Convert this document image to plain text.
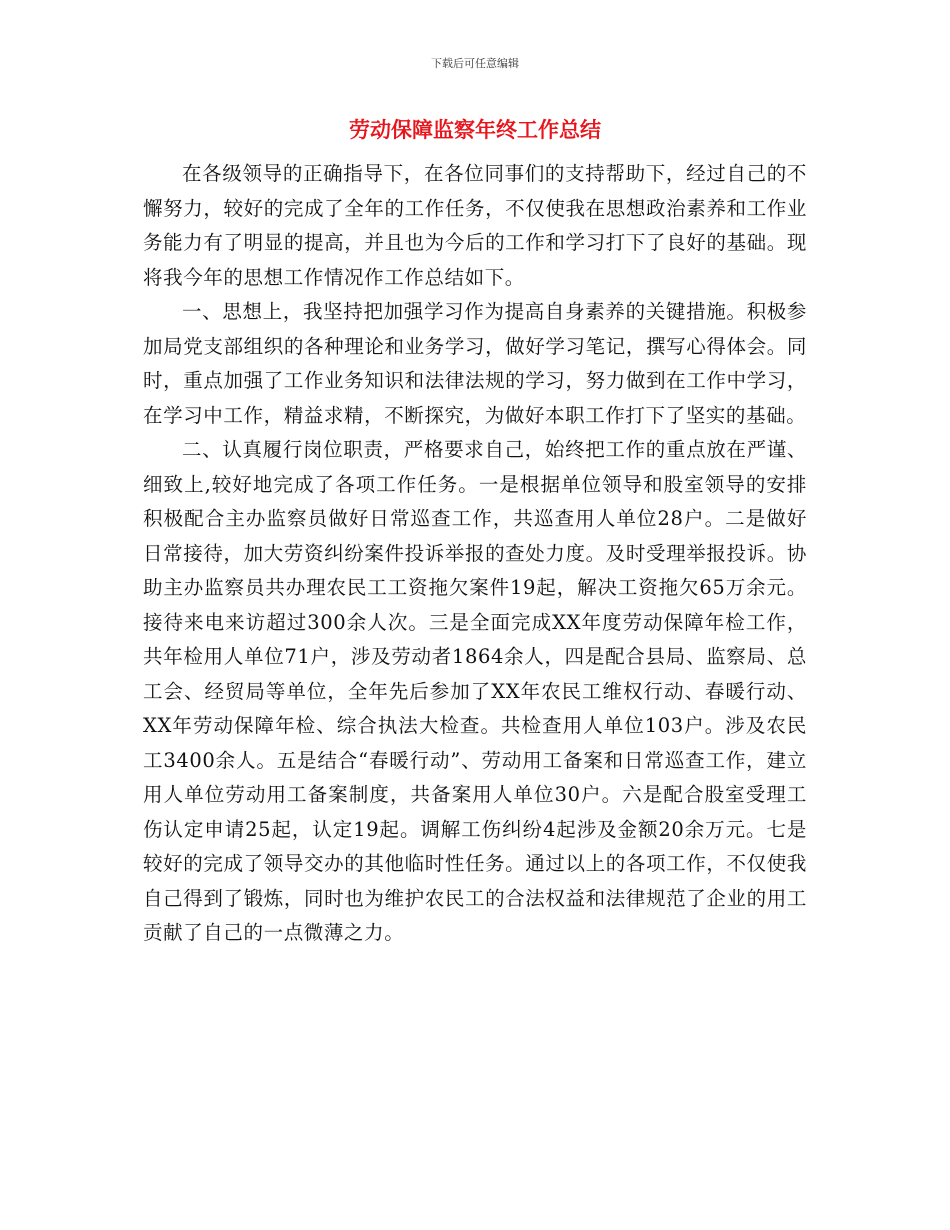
下载后可任意编辑
劳动保障监察年终工作总结

在各级领导的正确指导下，在各位同事们的支持帮助下，经过自己的不懈努力，较好的完成了全年的工作任务，不仅使我在思想政治素养和工作业务能力有了明显的提高，并且也为今后的工作和学习打下了良好的基础。现将我今年的思想工作情况作工作总结如下。

一、思想上，我坚持把加强学习作为提高自身素养的关键措施。积极参加局党支部组织的各种理论和业务学习，做好学习笔记，撰写心得体会。同时，重点加强了工作业务知识和法律法规的学习，努力做到在工作中学习，在学习中工作，精益求精，不断探究，为做好本职工作打下了坚实的基础。

二、认真履行岗位职责，严格要求自己，始终把工作的重点放在严谨、细致上,较好地完成了各项工作任务。一是根据单位领导和股室领导的安排积极配合主办监察员做好日常巡查工作，共巡查用人单位28户。二是做好日常接待，加大劳资纠纷案件投诉举报的查处力度。及时受理举报投诉。协助主办监察员共办理农民工工资拖欠案件19起，解决工资拖欠65万余元。接待来电来访超过300余人次。三是全面完成XX年度劳动保障年检工作，共年检用人单位71户，涉及劳动者1864余人，四是配合县局、监察局、总工会、经贸局等单位，全年先后参加了XX年农民工维权行动、春暖行动、XX年劳动保障年检、综合执法大检查。共检查用人单位103户。涉及农民工3400余人。五是结合“春暖行动”、劳动用工备案和日常巡查工作，建立用人单位劳动用工备案制度，共备案用人单位30户。六是配合股室受理工伤认定申请25起，认定19起。调解工伤纠纷4起涉及金额20余万元。七是较好的完成了领导交办的其他临时性任务。通过以上的各项工作，不仅使我自己得到了锻炼，同时也为维护农民工的合法权益和法律规范了企业的用工贡献了自己的一点微薄之力。
